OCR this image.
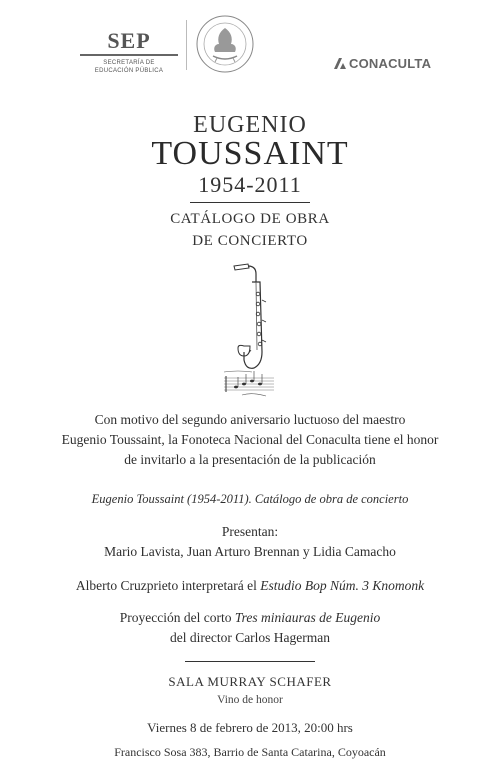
SEP
SECRETARÍA DE
EDUCACIÓN PÚBLICA	CONACULTA
EUGENIO
TOUSSAINT
1954-2011
CATÁLOGO DE OBRA
DE CONCIERTO
Con motivo del segundo aniversario luctuoso del maestro
Eugenio Toussaint, la Fonoteca Nacional del Conaculta tiene el honor
de invitarlo a la presentación de la publicación
Eugenio Toussaint (1954-2011). Catálogo de obra de concierto
Presentan:
Mario Lavista, Juan Arturo Brennan y Lidia Camacho
Alberto Cruzprieto interpretará el Estudio Bop Núm. 3 Knomonk
Proyección del corto Tres miniauras de Eugenio
del director Carlos Hagerman
SALA MURRAY SCHAFER
Vino de honor
Viernes 8 de febrero de 2013, 20:00 hrs
Francisco Sosa 383, Barrio de Santa Catarina, Coyoacán
